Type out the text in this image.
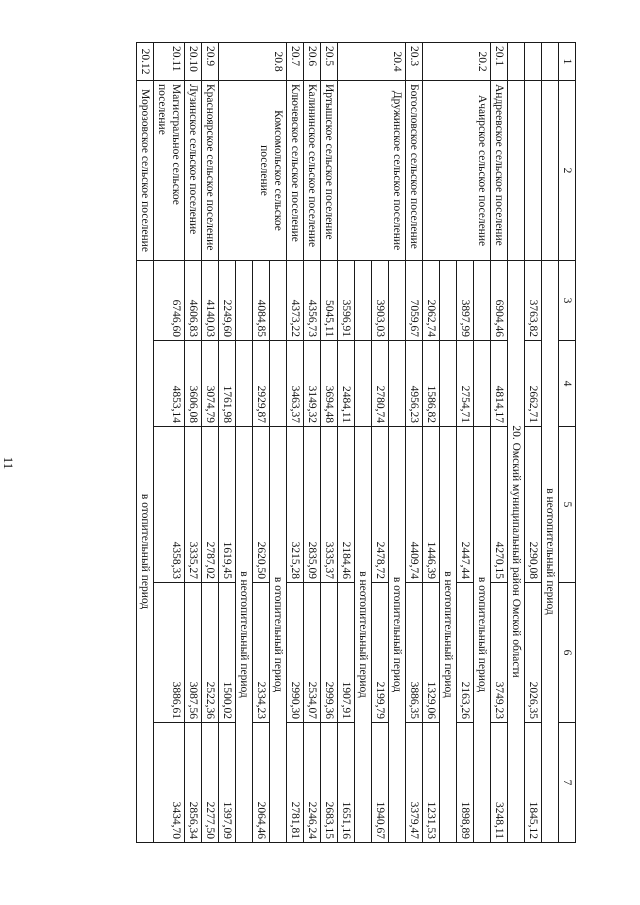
11
1	2	3	4	5	6	7
		в неотопительный период				
		3763,82	2662,71	2290,08	2026,35	1845,12
		20. Омский муниципальный район Омской области				
20.1	Андреевское сельское поселение	6904,46	4814,17	4270,15	3749,23	3248,11
20.2	Ачаирское сельское поселение			в отопительный период		
		3897,99	2754,71	2447,44	2163,26	1898,89
				в неотопительный период		
		2062,74	1586,82	1446,39	1329,06	1231,53
20.3	Богословское сельское поселение	7059,67	4956,23	4409,74	3886,35	3379,47
20.4	Дружинское сельское поселение			в отопительный период		
		3903,03	2780,74	2478,72	2199,79	1940,67
				в неотопительный период		
		3596,91	2484,11	2184,46	1907,91	1651,16
20.5	Иртышское сельское поселение	5045,11	3694,48	3335,37	2999,36	2683,15
20.6	Калининское сельское поселение	4356,73	3149,32	2835,09	2534,07	2246,24
20.7	Ключевское сельское поселение	4373,22	3463,37	3215,28	2990,30	2781,81
20.8	Комсомольское сельское поселение			в отопительный период		
		4084,85	2929,87	2620,50	2334,23	2064,46
				в неотопительный период		
		2249,60	1761,98	1619,45	1500,02	1397,09
20.9	Красноярское сельское поселение	4140,03	3074,79	2787,02	2522,36	2277,50
20.10	Лузинское сельское поселение	4606,83	3606,08	3335,27	3087,56	2856,34
20.11	Магистральное сельское поселение	6746,60	4853,14	4358,33	3886,61	3434,70
20.12	Морозовское сельское поселение	в отопительный период				
